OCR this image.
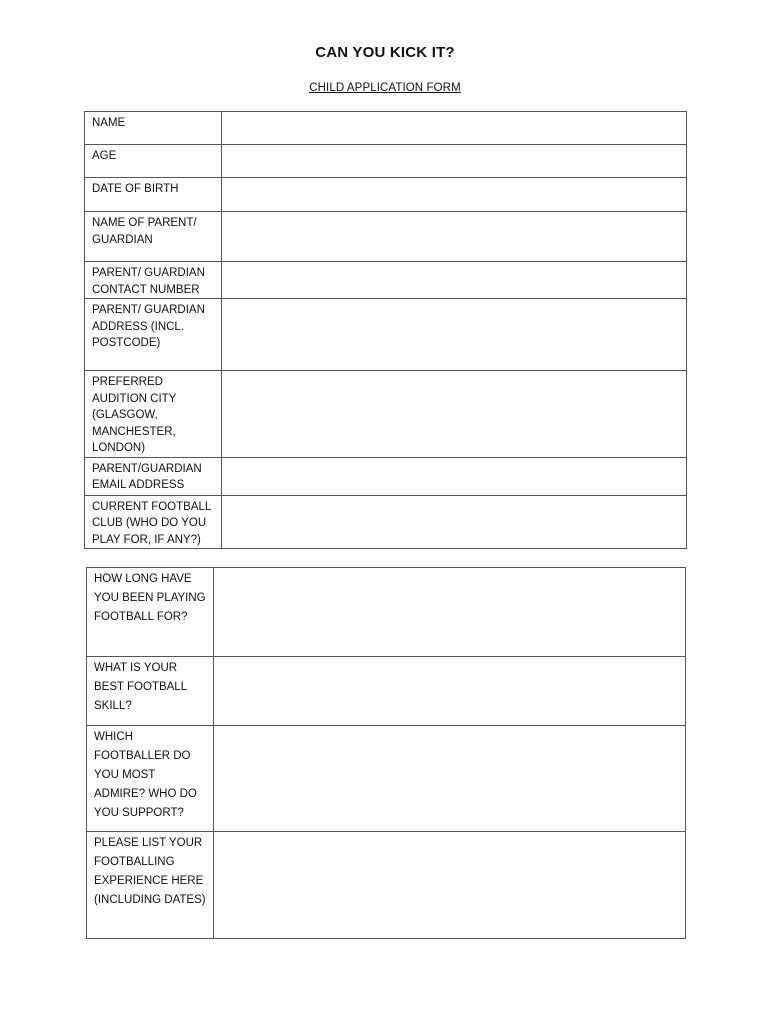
CAN YOU KICK IT?
CHILD APPLICATION FORM
NAME	

AGE	

DATE OF BIRTH	

NAME OF PARENT/ GUARDIAN	

PARENT/ GUARDIAN CONTACT NUMBER	

PARENT/ GUARDIAN ADDRESS (INCL. POSTCODE)	

PREFERRED AUDITION CITY (GLASGOW, MANCHESTER, LONDON)	

PARENT/GUARDIAN EMAIL ADDRESS	

CURRENT FOOTBALL CLUB (WHO DO YOU PLAY FOR, IF ANY?)	

HOW LONG HAVE YOU BEEN PLAYING FOOTBALL FOR?	

WHAT IS YOUR BEST FOOTBALL SKILL?	

WHICH FOOTBALLER DO YOU MOST ADMIRE? WHO DO YOU SUPPORT?	

PLEASE LIST YOUR FOOTBALLING EXPERIENCE HERE (INCLUDING DATES)	
